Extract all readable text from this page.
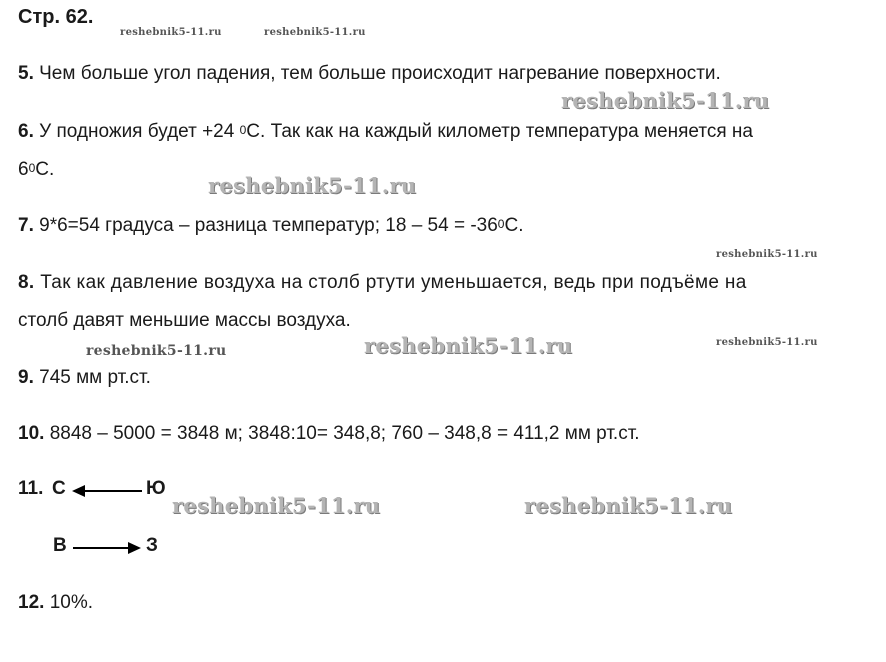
Стр. 62.
reshebnik5-11.ru	reshebnik5-11.ru
reshebnik5-11.ru
reshebnik5-11.ru
reshebnik5-11.ru
reshebnik5-11.ru	reshebnik5-11.ru	reshebnik5-11.ru
reshebnik5-11.ru	reshebnik5-11.ru
5. Чем больше угол падения, тем больше происходит нагревание поверхности.
6. У подножия будет +24 $^0$С. Так как на каждый километр температура меняется на
$6^0С$.
7. 9*6=54 градуса – разница температур; $18 - 54 = -36^0С$.
8. Так как давление воздуха на столб ртути уменьшается, ведь при подъёме на
столб давят меньшие массы воздуха.
9. 745 мм рт.ст.
10. 8848 – 5000 = 3848 м; 3848:10= 348,8; 760 – 348,8 = 411,2 мм рт.ст.
11. С	Ю
В	З
12. 10%.
